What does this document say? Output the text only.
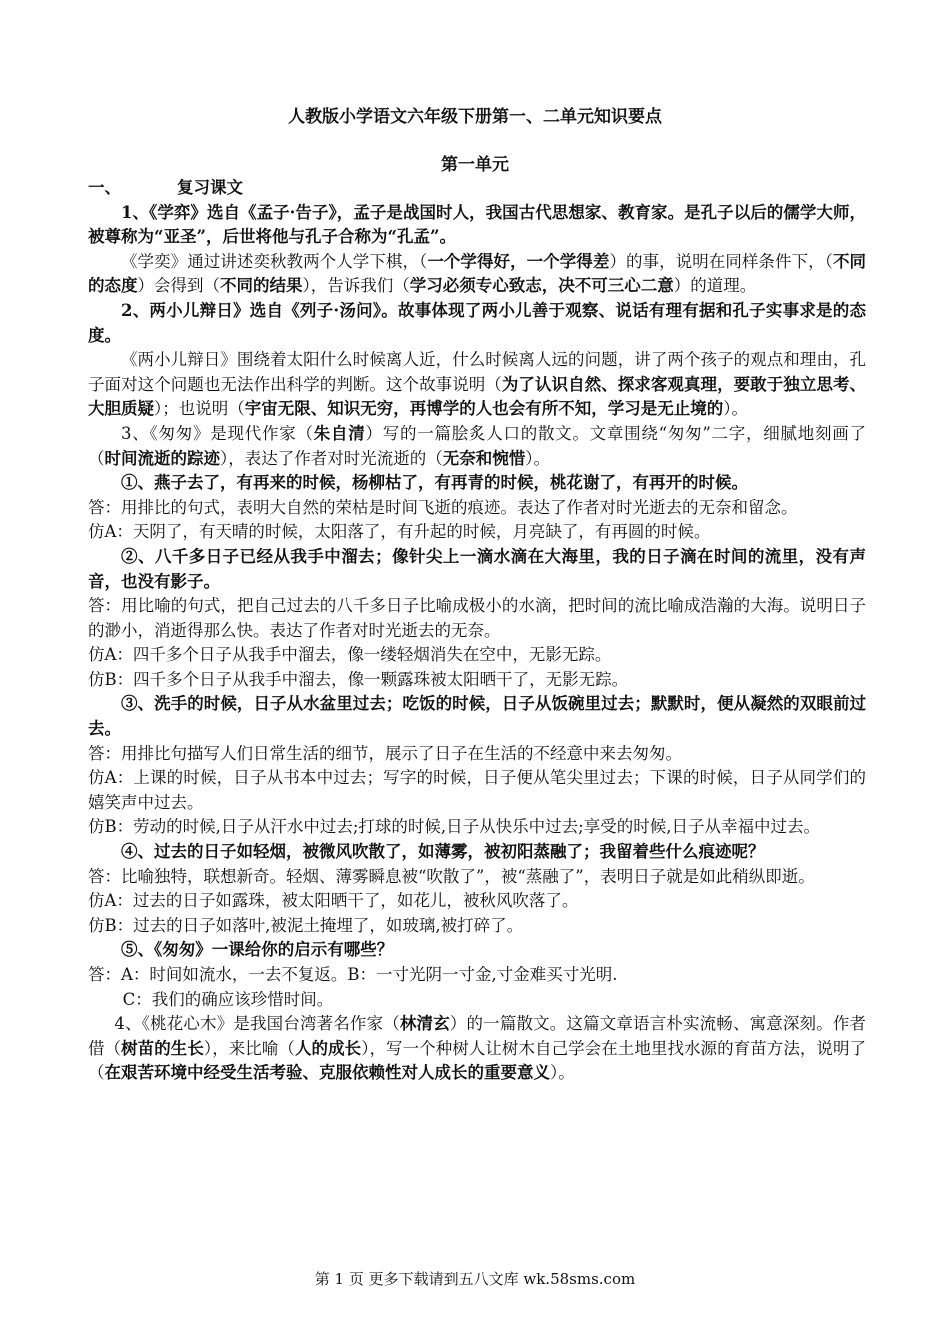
人教版小学语文六年级下册第一、二单元知识要点
第一单元

一、	复习课文

1、《学弈》选自《孟子·告子》，孟子是战国时人，我国古代思想家、教育家。是孔子以后的儒学大师，被尊称为“亚圣”，后世将他与孔子合称为“孔孟”。

《学奕》通过讲述奕秋教两个人学下棋，（一个学得好，一个学得差）的事，说明在同样条件下，（不同的态度）会得到（不同的结果），告诉我们（学习必须专心致志，决不可三心二意）的道理。

2、两小儿辩日》选自《列子·汤问》。故事体现了两小儿善于观察、说话有理有据和孔子实事求是的态度。

《两小儿辩日》围绕着太阳什么时候离人近，什么时候离人远的问题，讲了两个孩子的观点和理由，孔子面对这个问题也无法作出科学的判断。这个故事说明（为了认识自然、探求客观真理，要敢于独立思考、大胆质疑）；也说明（宇宙无限、知识无穷，再博学的人也会有所不知，学习是无止境的）。

3、《匆匆》是现代作家（朱自清）写的一篇脍炙人口的散文。文章围绕“匆匆”二字，细腻地刻画了（时间流逝的踪迹），表达了作者对时光流逝的（无奈和惋惜）。

①、燕子去了，有再来的时候，杨柳枯了，有再青的时候，桃花谢了，有再开的时候。

答：用排比的句式，表明大自然的荣枯是时间飞逝的痕迹。表达了作者对时光逝去的无奈和留念。

仿A：天阴了，有天晴的时候，太阳落了，有升起的时候，月亮缺了，有再圆的时候。

②、八千多日子已经从我手中溜去；像针尖上一滴水滴在大海里，我的日子滴在时间的流里，没有声音，也没有影子。

答：用比喻的句式，把自己过去的八千多日子比喻成极小的水滴，把时间的流比喻成浩瀚的大海。说明日子的渺小，消逝得那么快。表达了作者对时光逝去的无奈。

仿A：四千多个日子从我手中溜去，像一缕轻烟消失在空中，无影无踪。

仿B：四千多个日子从我手中溜去，像一颗露珠被太阳晒干了，无影无踪。

③、洗手的时候，日子从水盆里过去；吃饭的时候，日子从饭碗里过去；默默时，便从凝然的双眼前过去。

答：用排比句描写人们日常生活的细节，展示了日子在生活的不经意中来去匆匆。

仿A：上课的时候，日子从书本中过去；写字的时候，日子便从笔尖里过去；下课的时候，日子从同学们的嬉笑声中过去。

仿B：劳动的时候,日子从汗水中过去;打球的时候,日子从快乐中过去;享受的时候,日子从幸福中过去。

④、过去的日子如轻烟，被微风吹散了，如薄雾，被初阳蒸融了；我留着些什么痕迹呢？

答：比喻独特，联想新奇。轻烟、薄雾瞬息被“吹散了”，被“蒸融了”，表明日子就是如此稍纵即逝。

仿A：过去的日子如露珠，被太阳晒干了，如花儿，被秋风吹落了。

仿B：过去的日子如落叶,被泥土掩埋了，如玻璃,被打碎了。

⑤、《匆匆》一课给你的启示有哪些？

答：A：时间如流水，一去不复返。B：一寸光阴一寸金,寸金难买寸光明.

C：我们的确应该珍惜时间。

4、《桃花心木》是我国台湾著名作家（林清玄）的一篇散文。这篇文章语言朴实流畅、寓意深刻。作者借（树苗的生长），来比喻（人的成长），写一个种树人让树木自己学会在土地里找水源的育苗方法，说明了（在艰苦环境中经受生活考验、克服依赖性对人成长的重要意义）。

第 1 页 更多下载请到五八文库 wk.58sms.com
